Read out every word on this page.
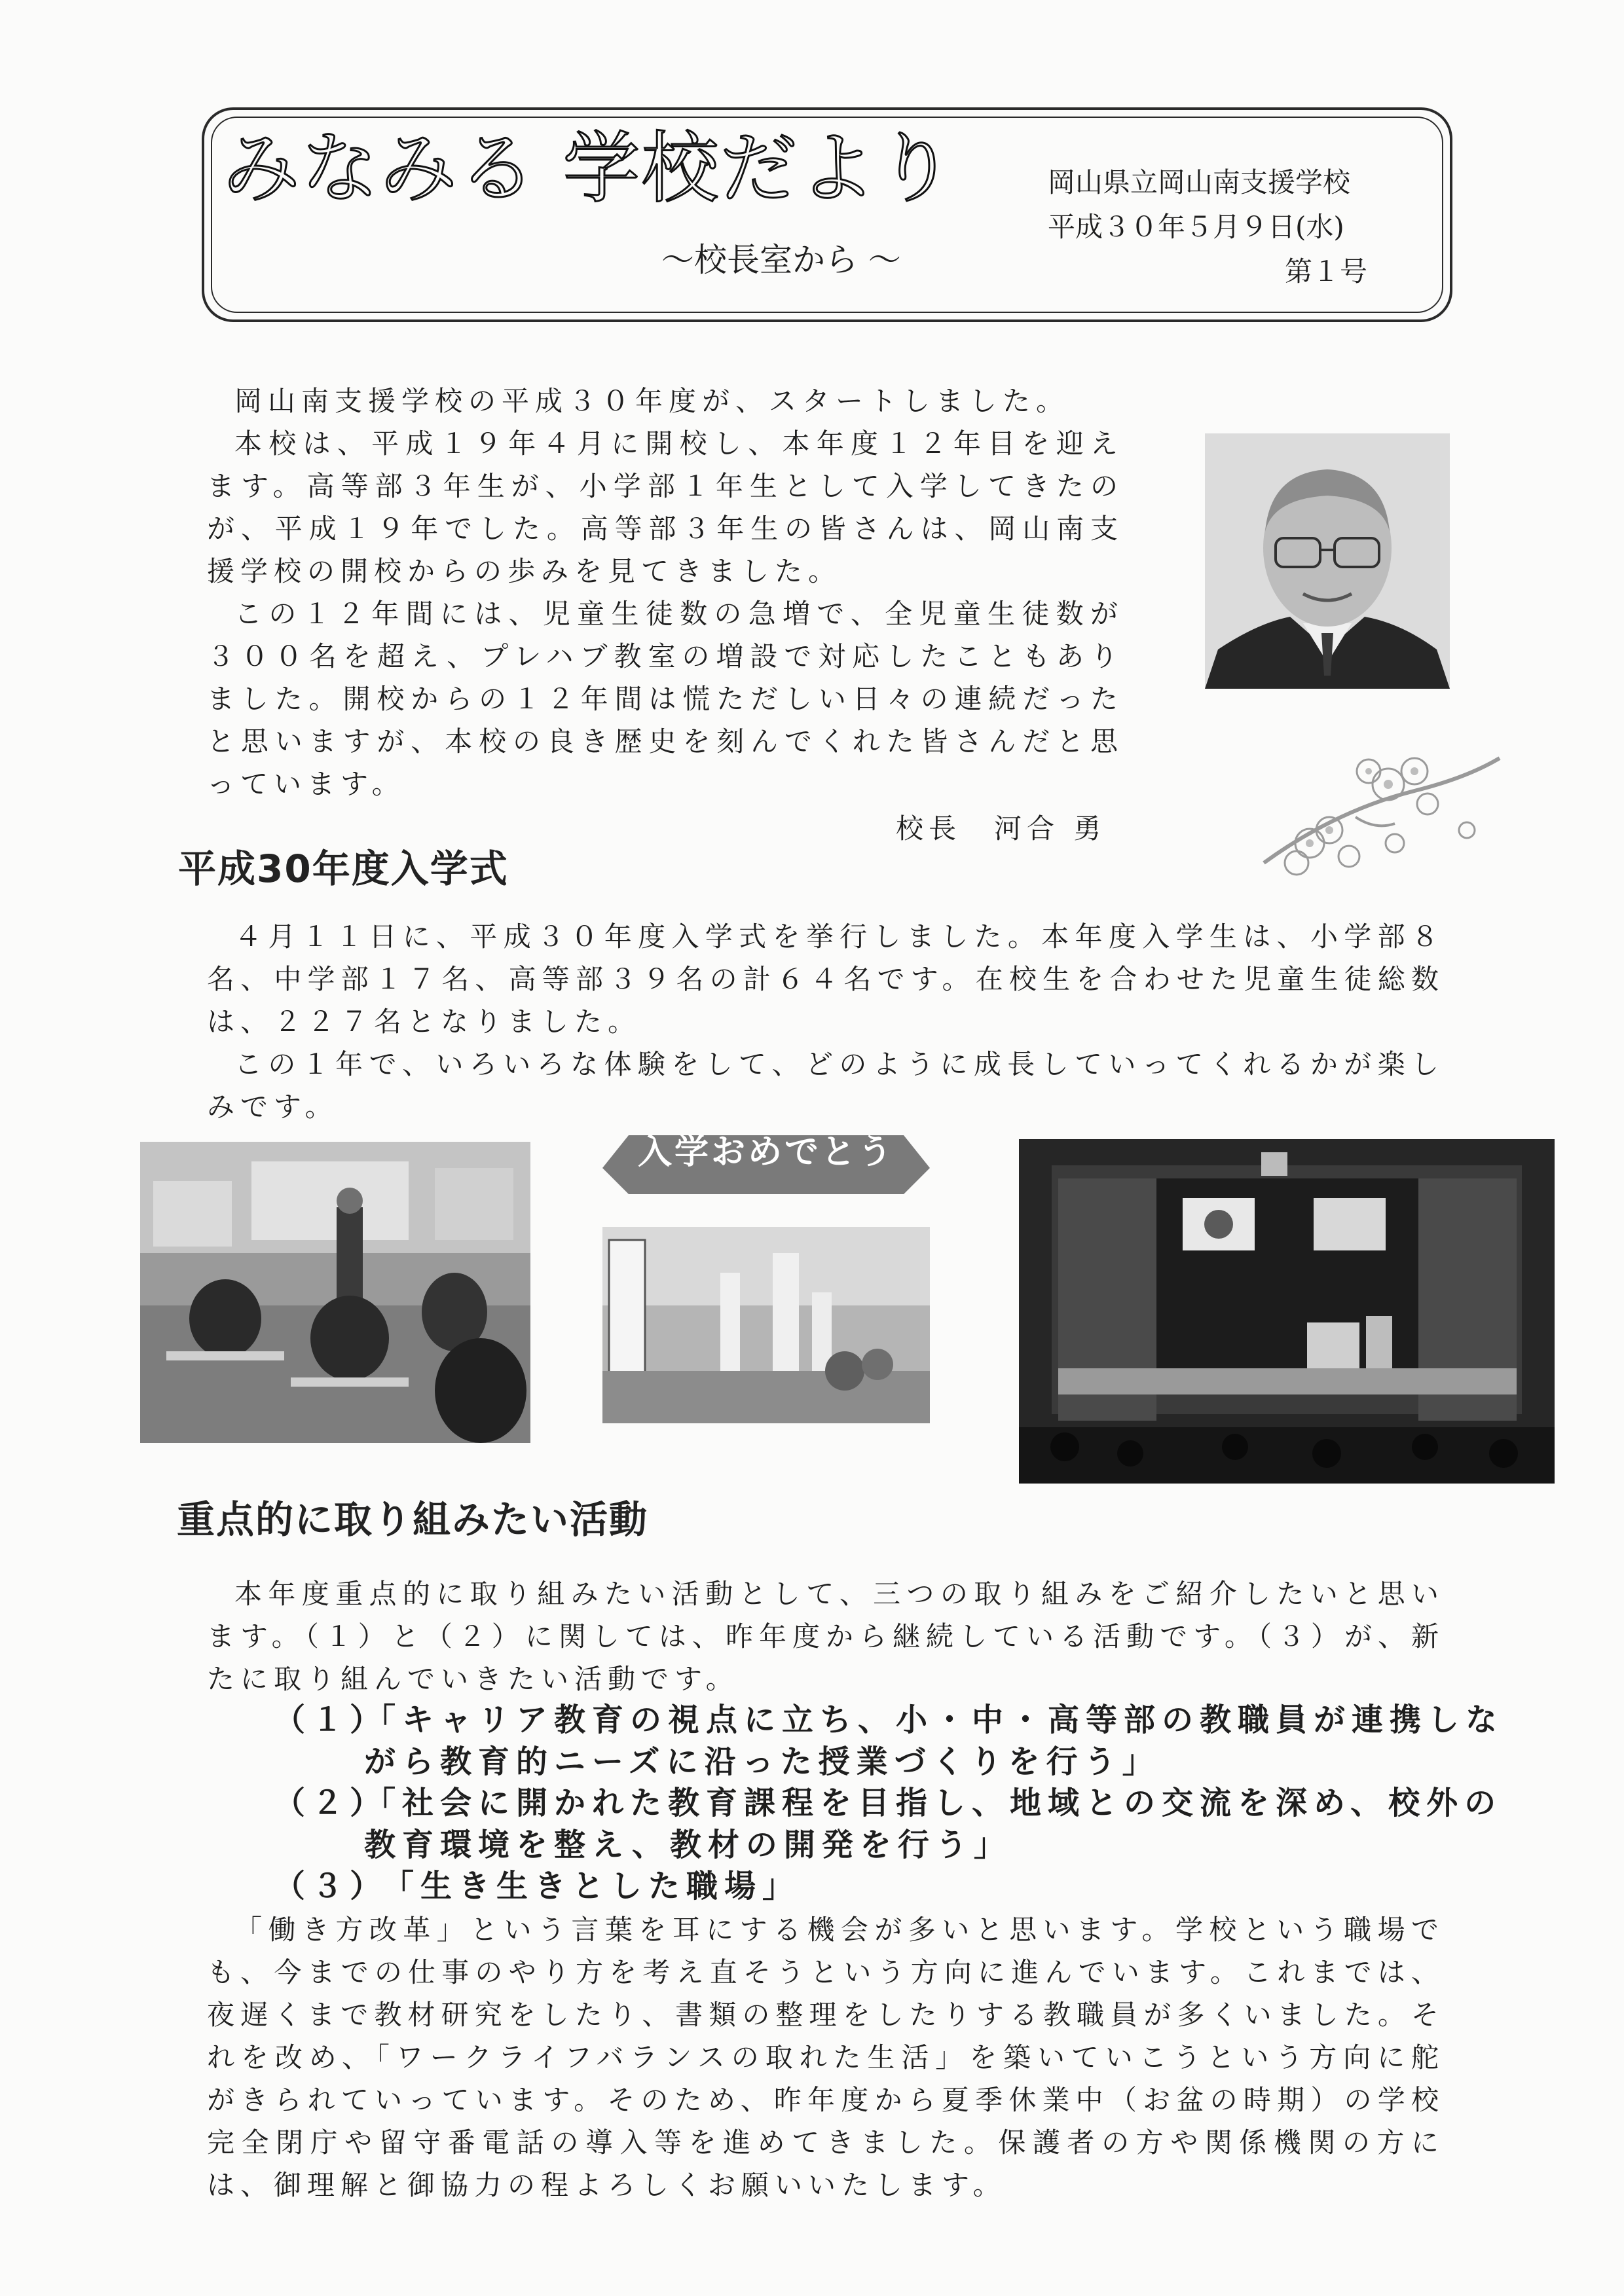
みなみる 学校だより
～校長室から ～
岡山県立岡山南支援学校
平成３０年５月９日(水)
第１号

岡山南支援学校の平成３０年度が、スタートしました。

本校は、平成１９年４月に開校し、本年度１２年目を迎えます。高等部３年生が、小学部１年生として入学してきたのが、平成１９年でした。高等部３年生の皆さんは、岡山南支援学校の開校からの歩みを見てきました。

この１２年間には、児童生徒数の急増で、全児童生徒数が３００名を超え、プレハブ教室の増設で対応したこともありました。開校からの１２年間は慌ただしい日々の連続だったと思いますが、本校の良き歴史を刻んでくれた皆さんだと思っています。

校長　河合 勇
平成30年度入学式

４月１１日に、平成３０年度入学式を挙行しました。本年度入学生は、小学部８名、中学部１７名、高等部３９名の計６４名です。在校生を合わせた児童生徒総数は、２２７名となりました。

この１年で、いろいろな体験をして、どのように成長していってくれるかが楽しみです。

入学おめでとう
重点的に取り組みたい活動

本年度重点的に取り組みたい活動として、三つの取り組みをご紹介したいと思います。（１）と（２）に関しては、昨年度から継続している活動です。（３）が、新たに取り組んでいきたい活動です。

（１）
「キャリア教育の視点に立ち、小・中・高等部の教職員が連携しながら教育的ニーズに沿った授業づくりを行う」
（２）
「社会に開かれた教育課程を目指し、地域との交流を深め、校外の教育環境を整え、教材の開発を行う」
（３）
「生き生きとした職場」

「働き方改革」という言葉を耳にする機会が多いと思います。学校という職場でも、今までの仕事のやり方を考え直そうという方向に進んでいます。これまでは、夜遅くまで教材研究をしたり、書類の整理をしたりする教職員が多くいました。それを改め、「ワークライフバランスの取れた生活」を築いていこうという方向に舵がきられていっています。そのため、昨年度から夏季休業中（お盆の時期）の学校完全閉庁や留守番電話の導入等を進めてきました。保護者の方や関係機関の方には、御理解と御協力の程よろしくお願いいたします。
